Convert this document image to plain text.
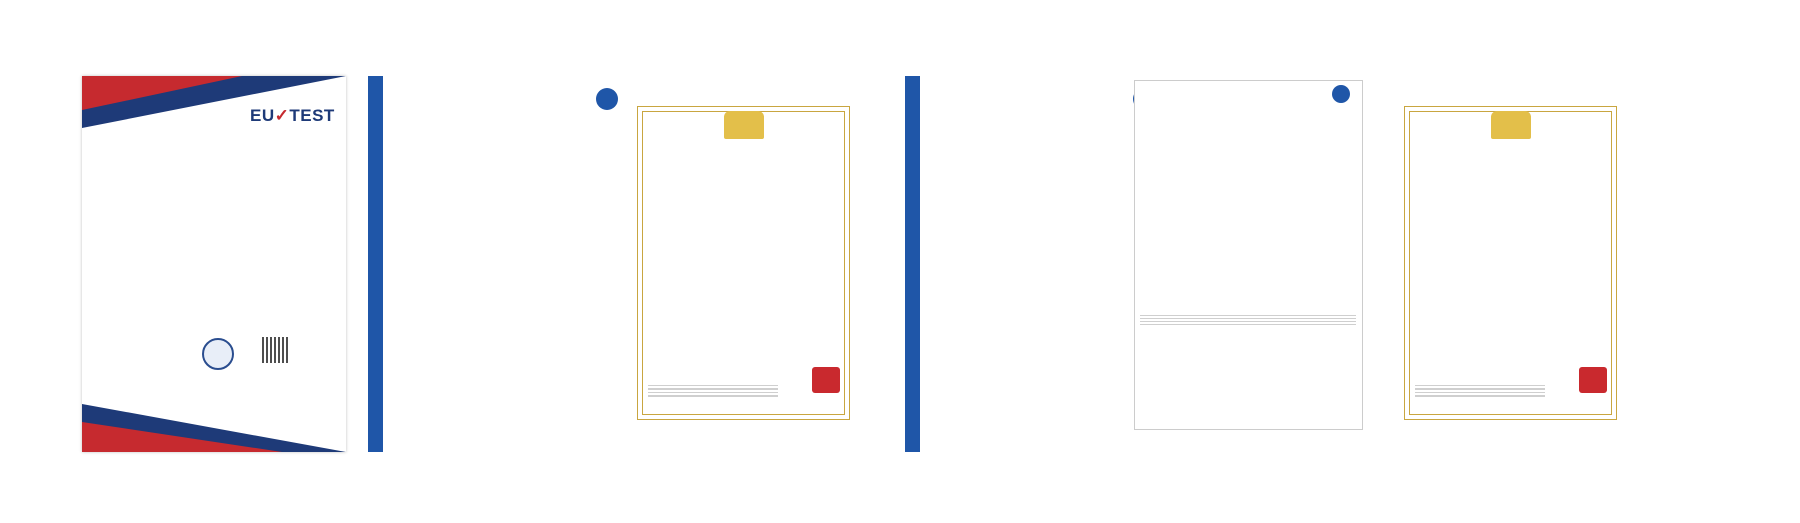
EU✓TEST
